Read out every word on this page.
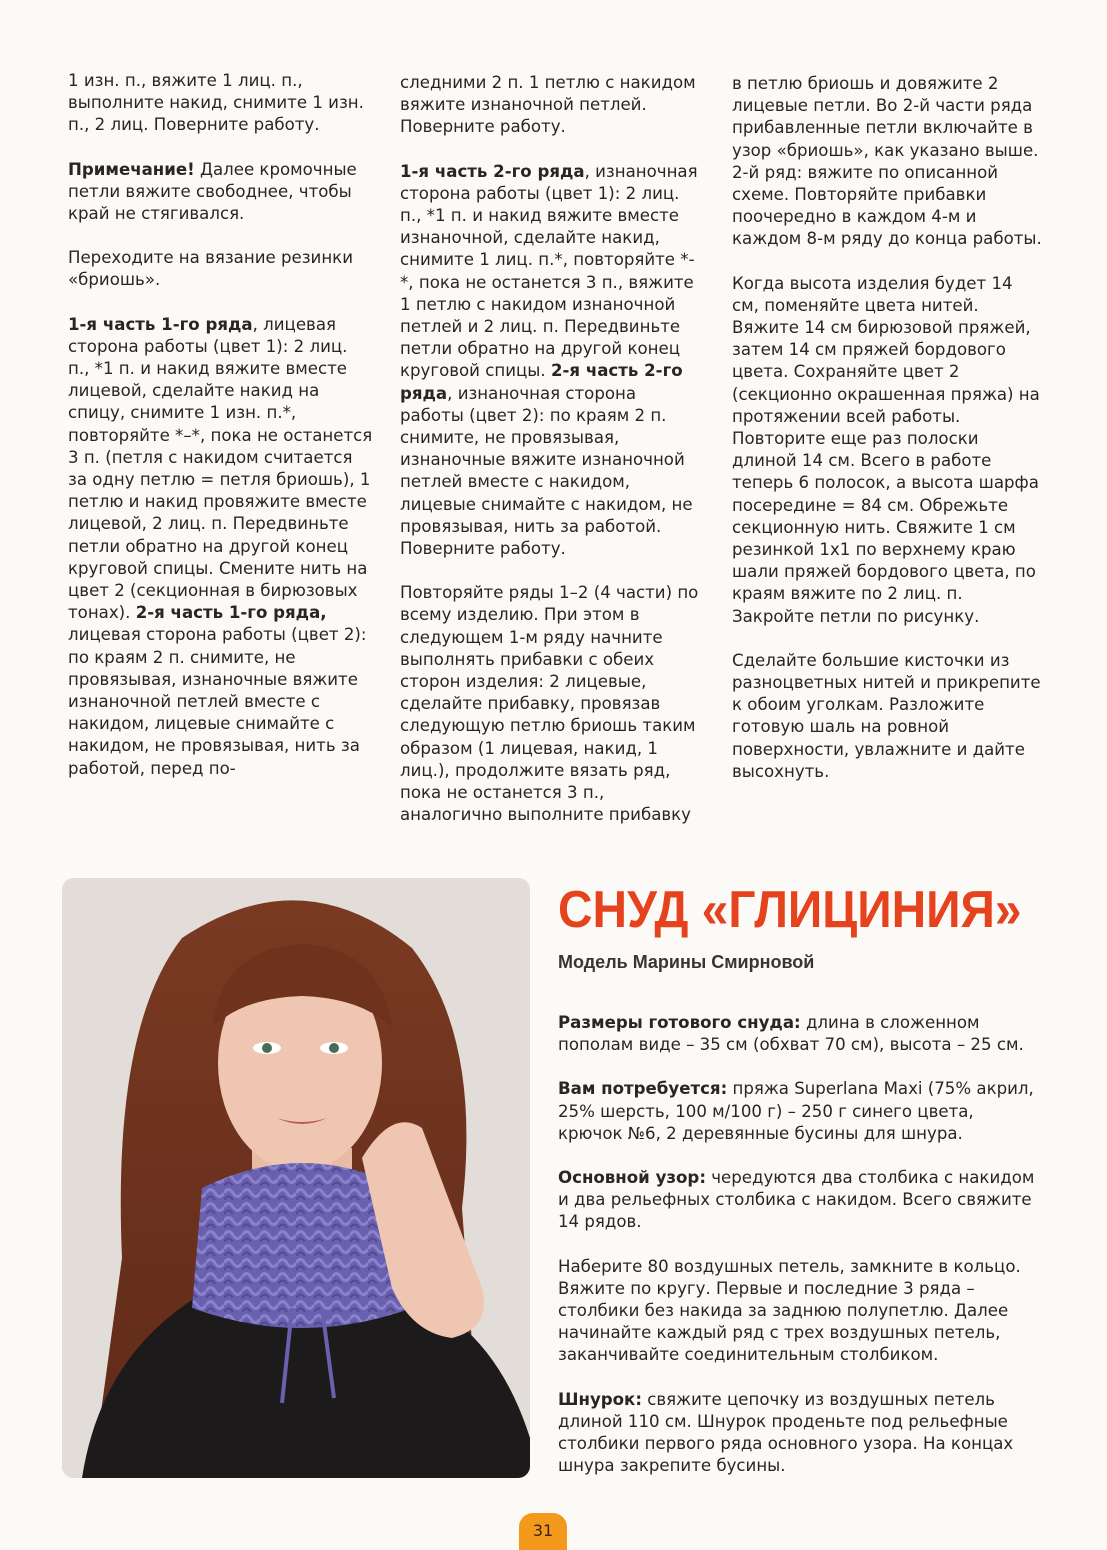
1 изн. п., вяжите 1 лиц. п., выполните накид, снимите 1 изн. п., 2 лиц. Поверните работу.

Примечание! Далее кромочные петли вяжите свободнее, чтобы край не стягивался.

Переходите на вязание резинки «бриошь».

1-я часть 1-го ряда, лицевая сторона работы (цвет 1): 2 лиц. п., *1 п. и накид вяжите вместе лицевой, сделайте накид на спицу, снимите 1 изн. п.*, повторяйте *–*, пока не останется 3 п. (петля с накидом считается за одну петлю = петля бриошь), 1 петлю и накид провяжите вместе лицевой, 2 лиц. п. Передвиньте петли обратно на другой конец круговой спицы. Смените нить на цвет 2 (секционная в бирюзовых тонах). 2-я часть 1-го ряда, лицевая сторона работы (цвет 2): по краям 2 п. снимите, не провязывая, изнаночные вяжите изнаночной петлей вместе с накидом, лицевые снимайте с накидом, не провязывая, нить за работой, перед по-

следними 2 п. 1 петлю с накидом вяжите изнаночной петлей. Поверните работу.

1-я часть 2-го ряда, изнаночная сторона работы (цвет 1): 2 лиц. п., *1 п. и накид вяжите вместе изнаночной, сделайте накид, снимите 1 лиц. п.*, повторяйте *-*, пока не останется 3 п., вяжите 1 петлю с накидом изнаночной петлей и 2 лиц. п. Передвиньте петли обратно на другой конец круговой спицы. 2-я часть 2-го ряда, изнаночная сторона работы (цвет 2): по краям 2 п. снимите, не провязывая, изнаночные вяжите изнаночной петлей вместе с накидом, лицевые снимайте с накидом, не провязывая, нить за работой. Поверните работу.

Повторяйте ряды 1–2 (4 части) по всему изделию. При этом в следующем 1-м ряду начните выполнять прибавки с обеих сторон изделия: 2 лицевые, сделайте прибавку, провязав следующую петлю бриошь таким образом (1 лицевая, накид, 1 лиц.), продолжите вязать ряд, пока не останется 3 п., аналогично выполните прибавку

в петлю бриошь и довяжите 2 лицевые петли. Во 2-й части ряда прибавленные петли включайте в узор «бриошь», как указано выше. 2-й ряд: вяжите по описанной схеме. Повторяйте прибавки поочередно в каждом 4-м и каждом 8-м ряду до конца работы.

Когда высота изделия будет 14 см, поменяйте цвета нитей. Вяжите 14 см бирюзовой пряжей, затем 14 см пряжей бордового цвета. Сохраняйте цвет 2 (секционно окрашенная пряжа) на протяжении всей работы. Повторите еще раз полоски длиной 14 см. Всего в работе теперь 6 полосок, а высота шарфа посередине = 84 см. Обрежьте секционную нить. Свяжите 1 см резинкой 1х1 по верхнему краю шали пряжей бордового цвета, по краям вяжите по 2 лиц. п. Закройте петли по рисунку.

Сделайте большие кисточки из разноцветных нитей и прикрепите к обоим уголкам. Разложите готовую шаль на ровной поверхности, увлажните и дайте высохнуть.

СНУД «ГЛИЦИНИЯ»
Модель Марины Смирновой

Размеры готового снуда: длина в сложенном пополам виде – 35 см (обхват 70 см), высота – 25 см.

Вам потребуется: пряжа Superlana Maxi (75% акрил, 25% шерсть, 100 м/100 г) – 250 г синего цвета, крючок №6, 2 деревянные бусины для шнура.

Основной узор: чередуются два столбика с накидом и два рельефных столбика с накидом. Всего свяжите 14 рядов.

Наберите 80 воздушных петель, замкните в кольцо. Вяжите по кругу. Первые и последние 3 ряда – столбики без накида за заднюю полупетлю. Далее начинайте каждый ряд с трех воздушных петель, заканчивайте соединительным столбиком.

Шнурок: свяжите цепочку из воздушных петель длиной 110 см. Шнурок проденьте под рельефные столбики первого ряда основного узора. На концах шнура закрепите бусины.

31
